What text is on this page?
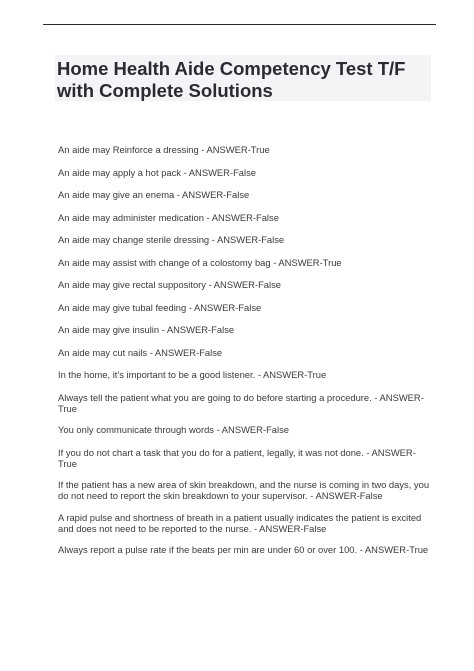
Home Health Aide Competency Test T/F
with Complete Solutions
An aide may Reinforce a dressing - ANSWER-True
An aide may apply a hot pack - ANSWER-False
An aide may give an enema - ANSWER-False
An aide may administer medication - ANSWER-False
An aide may change sterile dressing - ANSWER-False
An aide may assist with change of a colostomy bag - ANSWER-True
An aide may give rectal suppository - ANSWER-False
An aide may give tubal feeding - ANSWER-False
An aide may give insulin - ANSWER-False
An aide may cut nails - ANSWER-False
In the home, it's important to be a good listener. - ANSWER-True
Always tell the patient what you are going to do before starting a procedure. - ANSWER-True
You only communicate through words - ANSWER-False
If you do not chart a task that you do for a patient, legally, it was not done. - ANSWER-True
If the patient has a new area of skin breakdown, and the nurse is coming in two days, you do not need to report the skin breakdown to your supervisor. - ANSWER-False
A rapid pulse and shortness of breath in a patient usually indicates the patient is excited and does not need to be reported to the nurse. - ANSWER-False
Always report a pulse rate if the beats per min are under 60 or over 100. - ANSWER-True
